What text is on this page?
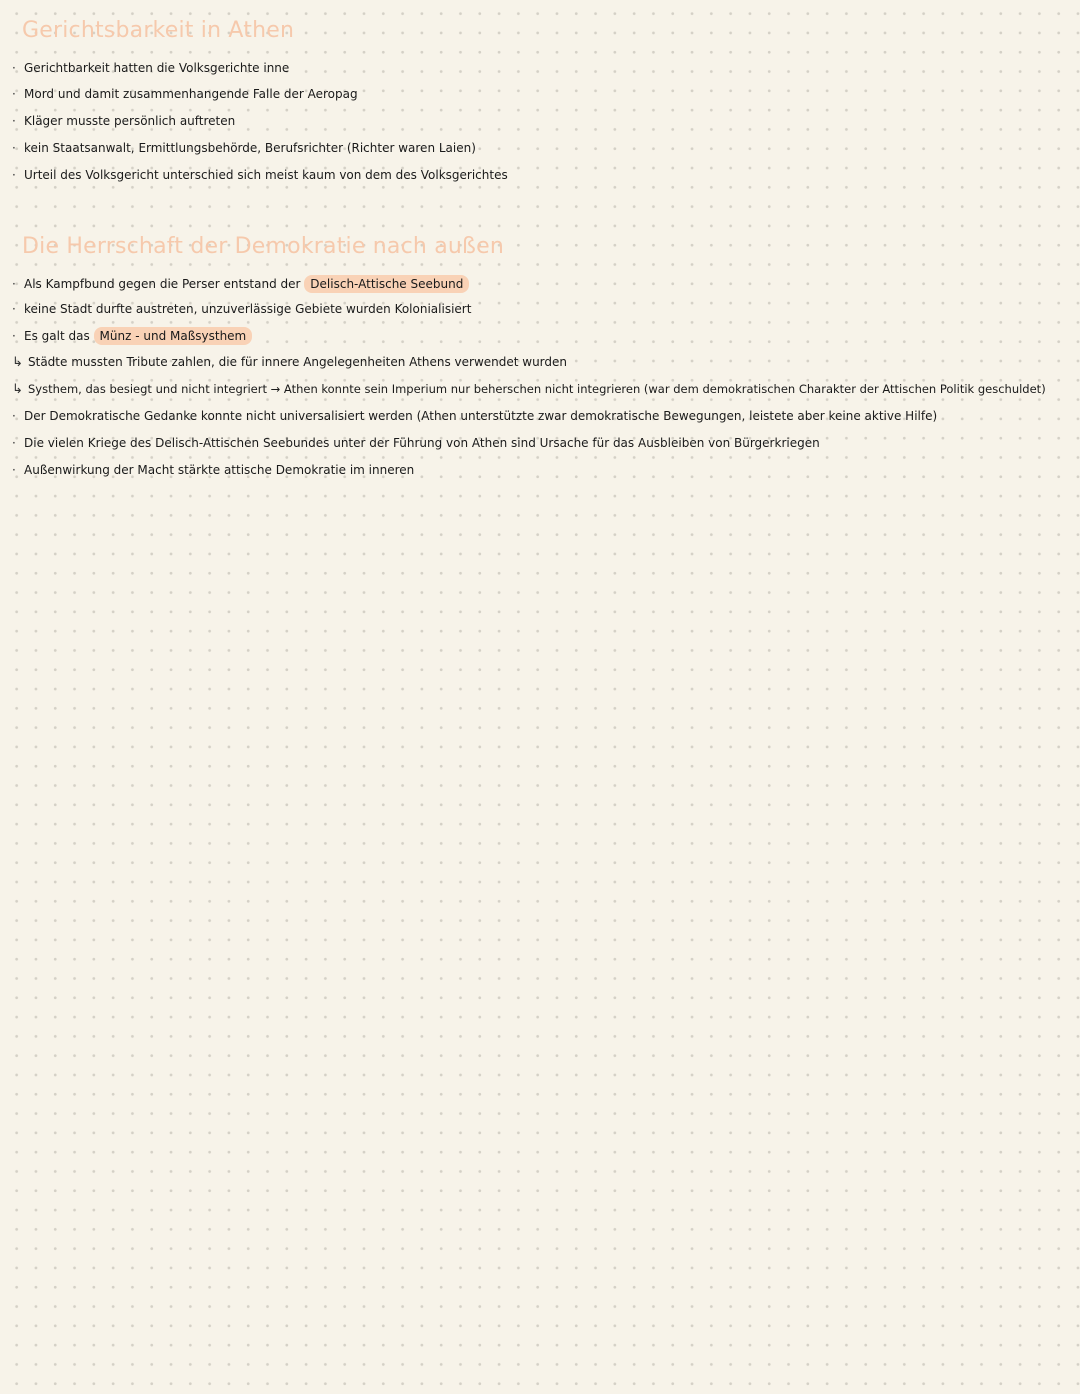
Gerichtsbarkeit in Athen
· Gerichtbarkeit hatten die Volksgerichte inne
· Mord und damit zusammenhangende Falle der Aeropag
· Kläger musste persönlich auftreten
· kein Staatsanwalt, Ermittlungsbehörde, Berufsrichter (Richter waren Laien)
· Urteil des Volksgericht unterschied sich meist kaum von dem des Volksgerichtes
Die Herrschaft der Demokratie nach außen
· Als Kampfbund gegen die Perser entstand der
Delisch-Attische Seebund
· keine Stadt durfte austreten, unzuverlässige Gebiete wurden Kolonialisiert
· Es galt das
Münz - und Maßsysthem
↳ Städte mussten Tribute zahlen, die für innere Angelegenheiten Athens verwendet wurden
↳ Systhem, das besiegt und nicht integriert → Athen konnte sein Imperium nur beherschen nicht integrieren (war dem demokratischen Charakter der Attischen Politik geschuldet)
· Der Demokratische Gedanke konnte nicht universalisiert werden (Athen unterstützte zwar demokratische Bewegungen, leistete aber keine aktive Hilfe)
· Die vielen Kriege des Delisch-Attischen Seebundes unter der Führung von Athen sind Ursache für das Ausbleiben von Bürgerkriegen
· Außenwirkung der Macht stärkte attische Demokratie im inneren
